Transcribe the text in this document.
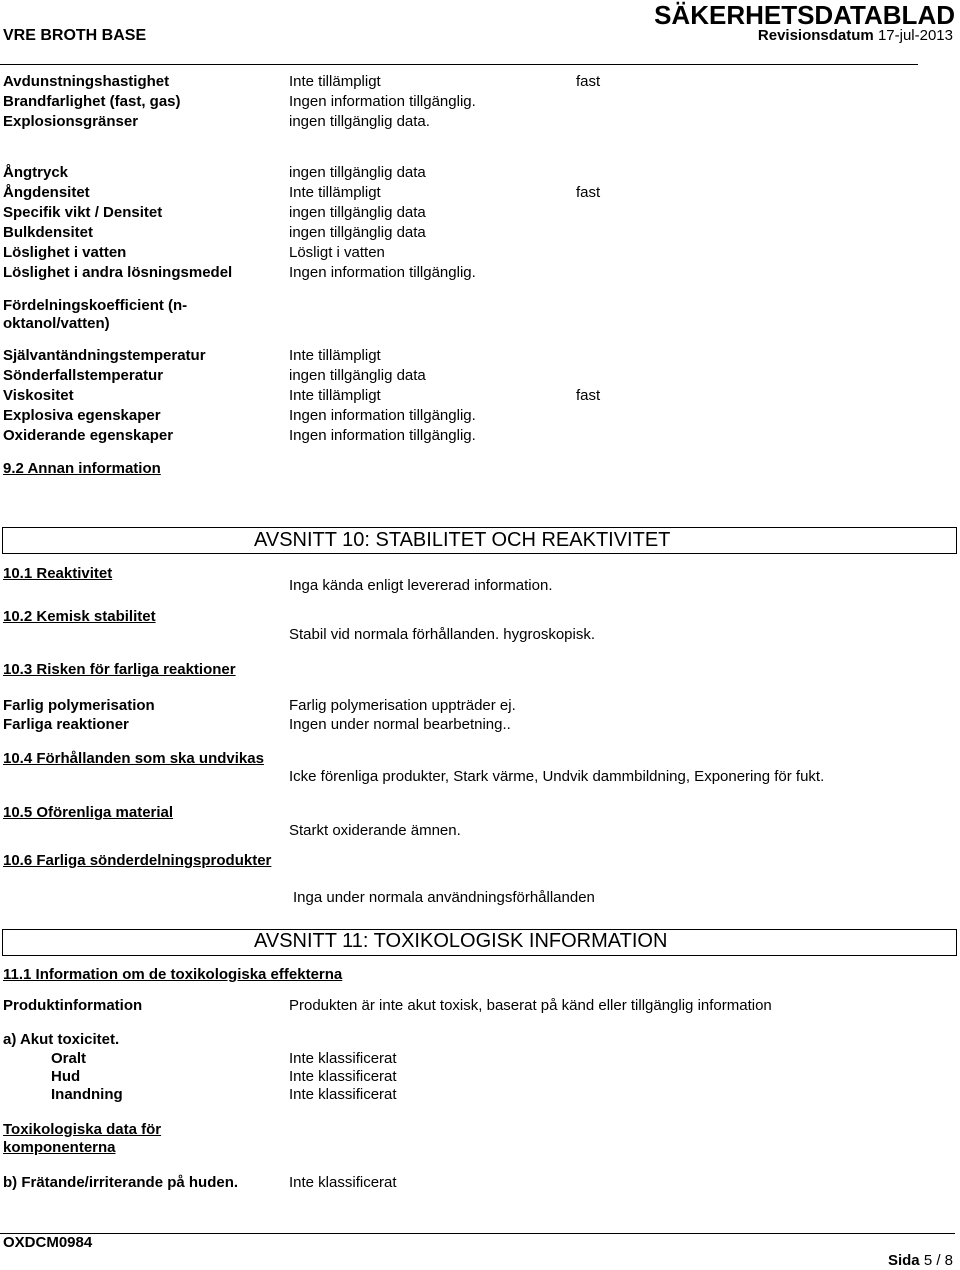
VRE BROTH BASE
SÄKERHETSDATABLAD
Revisionsdatum 17-jul-2013
Avdunstningshastighet	Inte tillämpligt	fast
Brandfarlighet (fast, gas)	Ingen information tillgänglig.
Explosionsgränser	ingen tillgänglig data.
Ångtryck	ingen tillgänglig data
Ångdensitet	Inte tillämpligt	fast
Specifik vikt / Densitet	ingen tillgänglig data
Bulkdensitet	ingen tillgänglig data
Löslighet i vatten	Lösligt i vatten
Löslighet i andra lösningsmedel	Ingen information tillgänglig.
Fördelningskoefficient (n-
oktanol/vatten)
Självantändningstemperatur	Inte tillämpligt
Sönderfallstemperatur	ingen tillgänglig data
Viskositet	Inte tillämpligt	fast
Explosiva egenskaper	Ingen information tillgänglig.
Oxiderande egenskaper	Ingen information tillgänglig.
9.2 Annan information
AVSNITT 10: STABILITET OCH REAKTIVITET
10.1 Reaktivitet
Inga kända enligt levererad information.
10.2 Kemisk stabilitet
Stabil vid normala förhållanden. hygroskopisk.
10.3 Risken för farliga reaktioner
Farlig polymerisation	Farlig polymerisation uppträder ej.
Farliga reaktioner	Ingen under normal bearbetning..
10.4 Förhållanden som ska undvikas
Icke förenliga produkter, Stark värme, Undvik dammbildning, Exponering för fukt.
10.5 Oförenliga material
Starkt oxiderande ämnen.
10.6 Farliga sönderdelningsprodukter
Inga under normala användningsförhållanden
AVSNITT 11: TOXIKOLOGISK INFORMATION
11.1 Information om de toxikologiska effekterna
Produktinformation	Produkten är inte akut toxisk, baserat på känd eller tillgänglig information
a) Akut toxicitet.
Oralt	Inte klassificerat
Hud	Inte klassificerat
Inandning	Inte klassificerat
Toxikologiska data för
komponenterna
b) Frätande/irriterande på huden.	Inte klassificerat
OXDCM0984
Sida 5 / 8
